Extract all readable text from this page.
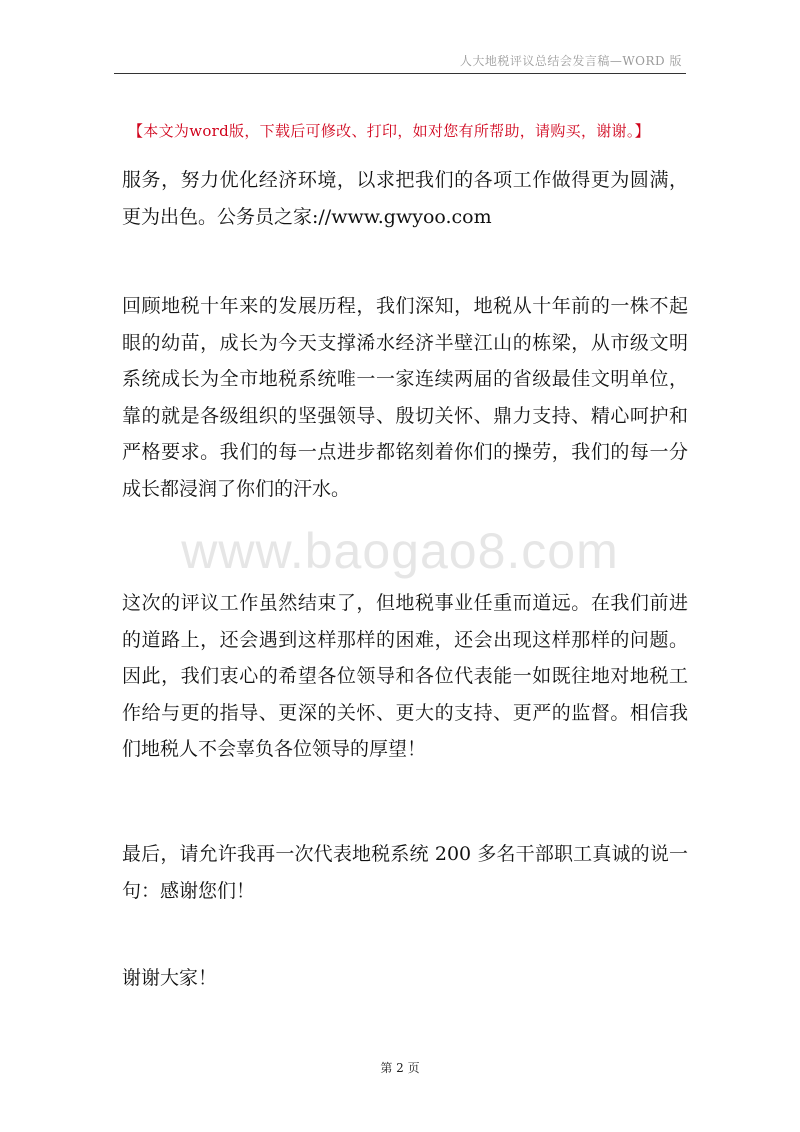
人大地税评议总结会发言稿—WORD 版
【本文为word版，下载后可修改、打印，如对您有所帮助，请购买，谢谢。】
服务，努力优化经济环境，以求把我们的各项工作做得更为圆满，更为出色。公务员之家://www.gwyoo.com
回顾地税十年来的发展历程，我们深知，地税从十年前的一株不起眼的幼苗，成长为今天支撑浠水经济半壁江山的栋梁，从市级文明系统成长为全市地税系统唯一一家连续两届的省级最佳文明单位，靠的就是各级组织的坚强领导、殷切关怀、鼎力支持、精心呵护和严格要求。我们的每一点进步都铭刻着你们的操劳，我们的每一分成长都浸润了你们的汗水。
www.baogao8.com
这次的评议工作虽然结束了，但地税事业任重而道远。在我们前进的道路上，还会遇到这样那样的困难，还会出现这样那样的问题。因此，我们衷心的希望各位领导和各位代表能一如既往地对地税工作给与更的指导、更深的关怀、更大的支持、更严的监督。相信我们地税人不会辜负各位领导的厚望！
最后，请允许我再一次代表地税系统 200 多名干部职工真诚的说一句：感谢您们！
谢谢大家！
第 2 页
